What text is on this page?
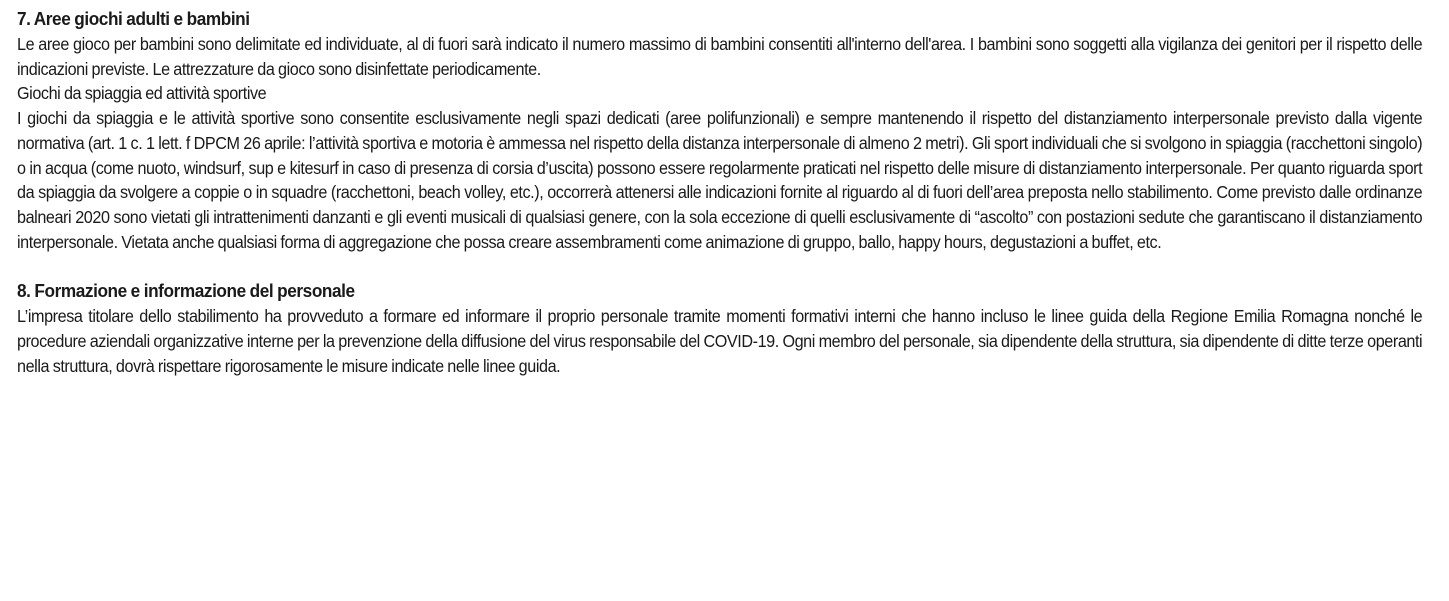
7. Aree giochi adulti e bambini

Le aree gioco per bambini sono delimitate ed individuate, al di fuori sarà indicato il numero massimo di bambini consentiti all'interno dell'area. I bambini sono soggetti alla vigilanza dei genitori per il rispetto delle indicazioni previste. Le attrezzature da gioco sono disinfettate periodicamente.

Giochi da spiaggia ed attività sportive

I giochi da spiaggia e le attività sportive sono consentite esclusivamente negli spazi dedicati (aree polifunzionali) e sempre mantenendo il rispetto del distanziamento interpersonale previsto dalla vigente normativa (art. 1 c. 1 lett. f DPCM 26 aprile: l’attività sportiva e motoria è ammessa nel rispetto della distanza interpersonale di almeno 2 metri). Gli sport individuali che si svolgono in spiaggia (racchettoni singolo) o in acqua (come nuoto, windsurf, sup e kitesurf in caso di presenza di corsia d’uscita) possono essere regolarmente praticati nel rispetto delle misure di distanziamento interpersonale. Per quanto riguarda sport da spiaggia da svolgere a coppie o in squadre (racchettoni, beach volley, etc.), occorrerà attenersi alle indicazioni fornite al riguardo al di fuori dell’area preposta nello stabilimento. Come previsto dalle ordinanze balneari 2020 sono vietati gli intrattenimenti danzanti e gli eventi musicali di qualsiasi genere, con la sola eccezione di quelli esclusivamente di “ascolto” con postazioni sedute che garantiscano il distanziamento interpersonale. Vietata anche qualsiasi forma di aggregazione che possa creare assembramenti come animazione di gruppo, ballo, happy hours, degustazioni a buffet, etc.

8. Formazione e informazione del personale

L’impresa titolare dello stabilimento ha provveduto a formare ed informare il proprio personale tramite momenti formativi interni che hanno incluso le linee guida della Regione Emilia Romagna nonché le procedure aziendali organizzative interne per la prevenzione della diffusione del virus responsabile del COVID-19. Ogni membro del personale, sia dipendente della struttura, sia dipendente di ditte terze operanti nella struttura, dovrà rispettare rigorosamente le misure indicate nelle linee guida.
